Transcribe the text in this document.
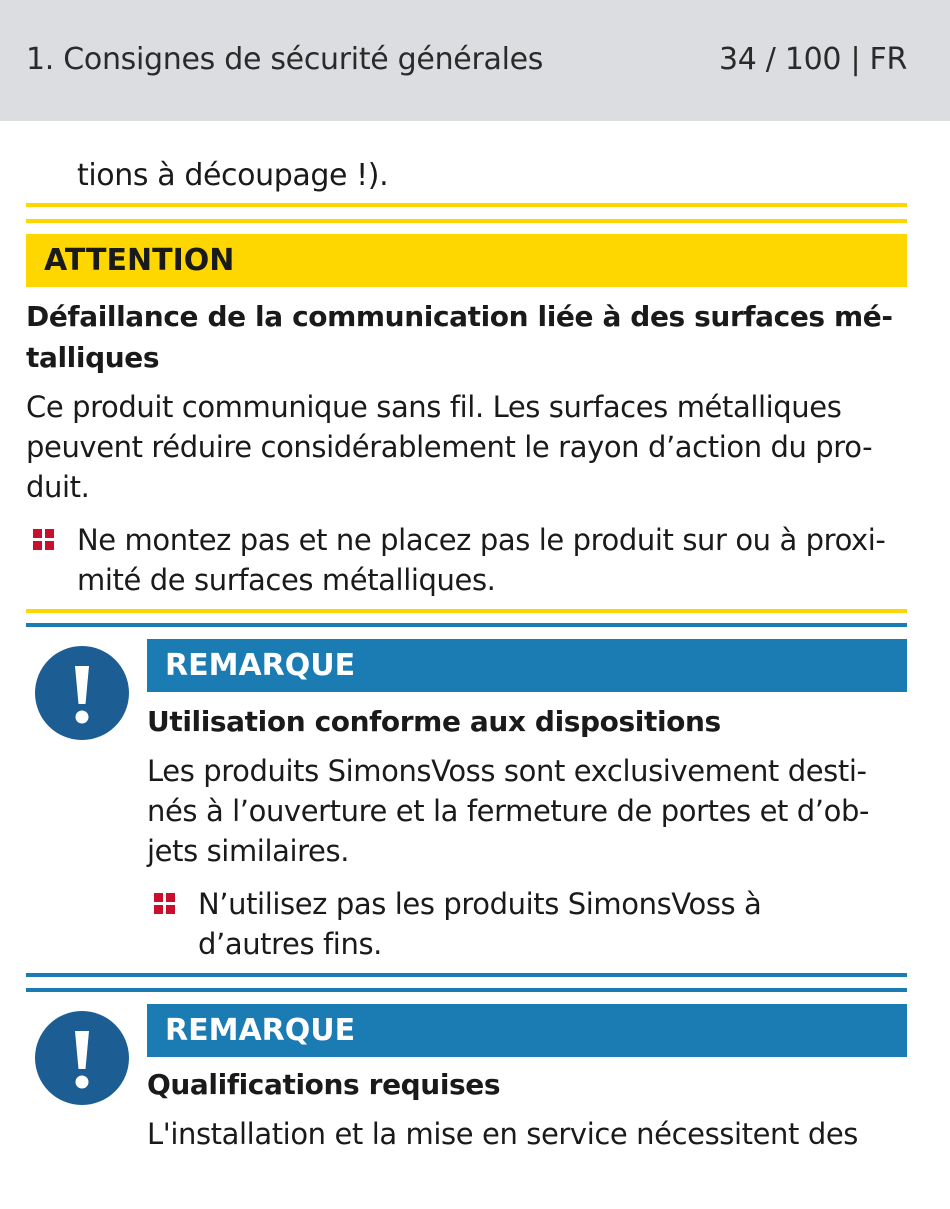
1. Consignes de sécurité générales	34 / 100 | FR
tions à découpage !).
ATTENTION
Défaillance de la communication liée à des surfaces mé-
talliques
Ce produit communique sans fil. Les surfaces métalliques
peuvent réduire considérablement le rayon d’action du pro-
duit.
Ne montez pas et ne placez pas le produit sur ou à proxi-
mité de surfaces métalliques.
REMARQUE
Utilisation conforme aux dispositions
Les produits SimonsVoss sont exclusivement desti-
nés à l’ouverture et la fermeture de portes et d’ob-
jets similaires.
N’utilisez pas les produits SimonsVoss à
d’autres fins.
REMARQUE
Qualifications requises
L'installation et la mise en service nécessitent des
